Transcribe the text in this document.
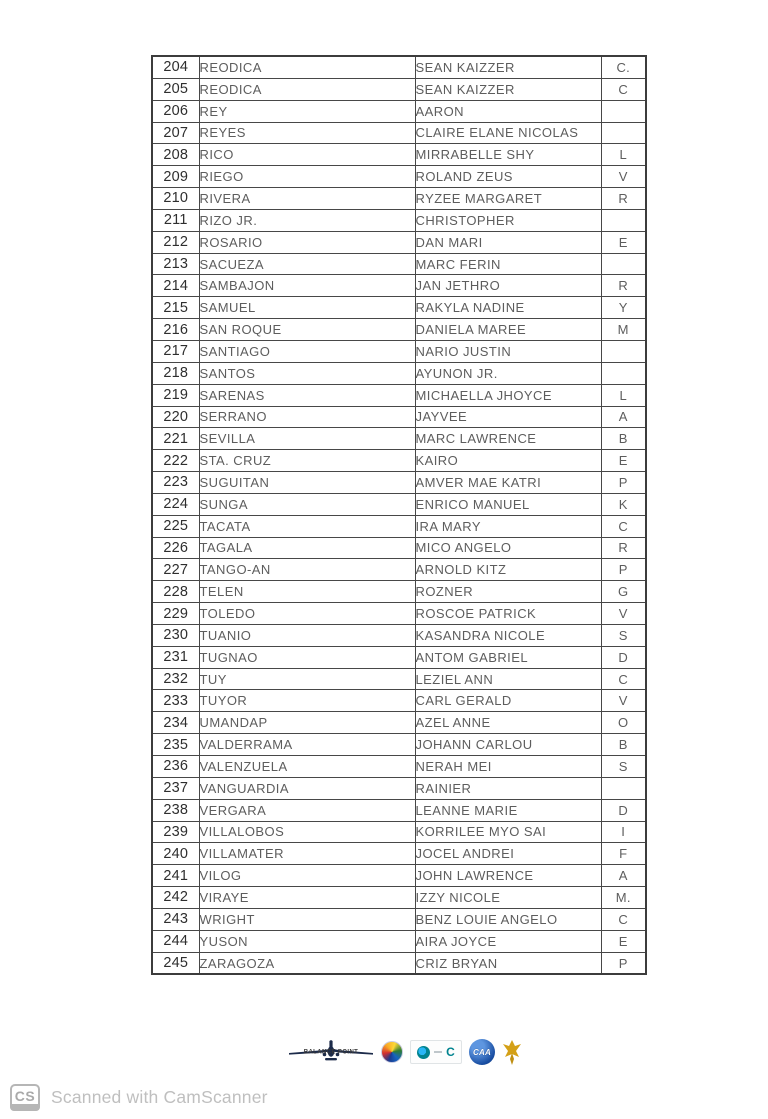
204	REODICA	SEAN KAIZZER	C.
205	REODICA	SEAN KAIZZER	C
206	REY	AARON	
207	REYES	CLAIRE ELANE NICOLAS	
208	RICO	MIRRABELLE SHY	L
209	RIEGO	ROLAND ZEUS	V
210	RIVERA	RYZEE MARGARET	R
211	RIZO JR.	CHRISTOPHER	
212	ROSARIO	DAN MARI	E
213	SACUEZA	MARC FERIN	
214	SAMBAJON	JAN JETHRO	R
215	SAMUEL	RAKYLA NADINE	Y
216	SAN ROQUE	DANIELA MAREE	M
217	SANTIAGO	NARIO JUSTIN	
218	SANTOS	AYUNON JR.	
219	SARENAS	MICHAELLA JHOYCE	L
220	SERRANO	JAYVEE	A
221	SEVILLA	MARC LAWRENCE	B
222	STA. CRUZ	KAIRO	E
223	SUGUITAN	AMVER MAE KATRI	P
224	SUNGA	ENRICO MANUEL	K
225	TACATA	IRA MARY	C
226	TAGALA	MICO ANGELO	R
227	TANGO-AN	ARNOLD KITZ	P
228	TELEN	ROZNER	G
229	TOLEDO	ROSCOE PATRICK	V
230	TUANIO	KASANDRA NICOLE	S
231	TUGNAO	ANTOM GABRIEL	D
232	TUY	LEZIEL ANN	C
233	TUYOR	CARL GERALD	V
234	UMANDAP	AZEL ANNE	O
235	VALDERRAMA	JOHANN CARLOU	B
236	VALENZUELA	NERAH MEI	S
237	VANGUARDIA	RAINIER	
238	VERGARA	LEANNE MARIE	D
239	VILLALOBOS	KORRILEE MYO SAI	I
240	VILLAMATER	JOCEL ANDREI	F
241	VILOG	JOHN LAWRENCE	A
242	VIRAYE	IZZY NICOLE	M.
243	WRIGHT	BENZ LOUIE ANGELO	C
244	YUSON	AIRA JOYCE	E
245	ZARAGOZA	CRIZ BRYAN	P
BALANCE POINT	C CAA
CS Scanned with CamScanner
